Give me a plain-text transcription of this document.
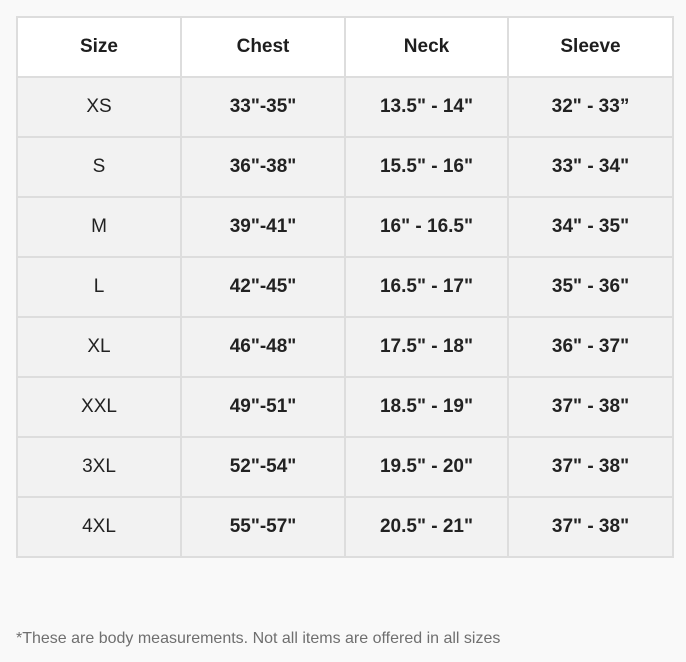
Size	Chest	Neck	Sleeve
XS	33"-35"	13.5" - 14"	32" - 33”
S	36"-38"	15.5" - 16"	33" - 34"
M	39"-41"	16" - 16.5"	34" - 35"
L	42"-45"	16.5" - 17"	35" - 36"
XL	46"-48"	17.5" - 18"	36" - 37"
XXL	49"-51"	18.5" - 19"	37" - 38"
3XL	52"-54"	19.5" - 20"	37" - 38"
4XL	55"-57"	20.5" - 21"	37" - 38"
*These are body measurements. Not all items are offered in all sizes
